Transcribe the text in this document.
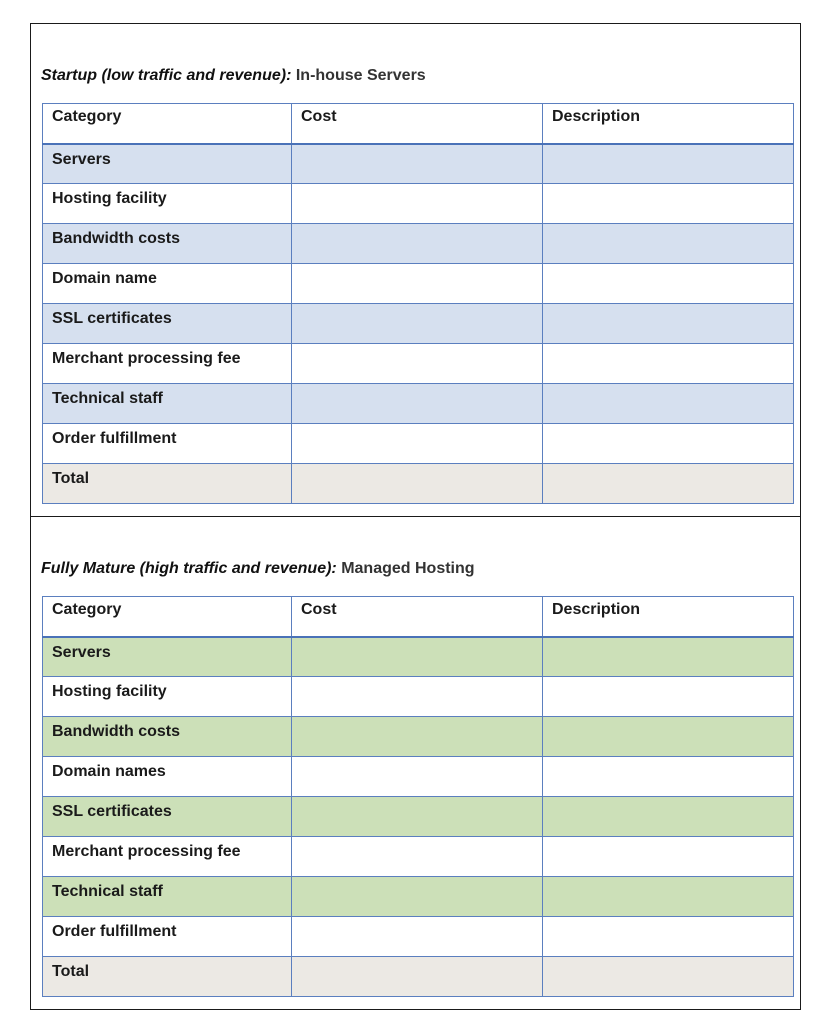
Startup (low traffic and revenue): In-house Servers
Category	Cost	Description
Servers		
Hosting facility		
Bandwidth costs		
Domain name		
SSL certificates		
Merchant processing fee		
Technical staff		
Order fulfillment		
Total		
Fully Mature (high traffic and revenue): Managed Hosting
Category	Cost	Description
Servers		
Hosting facility		
Bandwidth costs		
Domain names		
SSL certificates		
Merchant processing fee		
Technical staff		
Order fulfillment		
Total		
